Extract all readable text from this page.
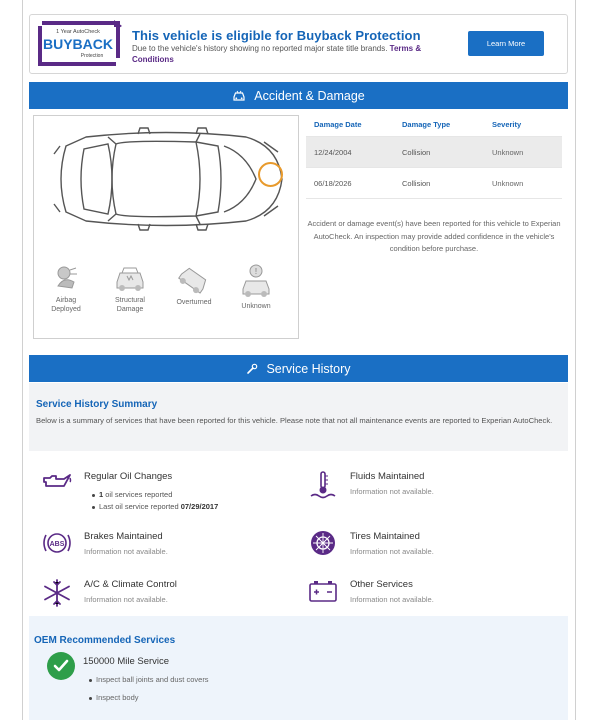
1 Year AutoCheck
BUYBACK
Protection
This vehicle is eligible for Buyback Protection
Due to the vehicle's history showing no reported major state title brands. Terms & Conditions
Learn More
Accident & Damage
Airbag
Deployed
Structural
Damage
Overturned
!
Unknown
Damage Date	Damage Type	Severity
12/24/2004	Collision	Unknown
06/18/2026	Collision	Unknown
Accident or damage event(s) have been reported for this vehicle to Experian AutoCheck. An inspection may provide added confidence in the vehicle's condition before purchase.
Service History
Service History Summary
Below is a summary of services that have been reported for this vehicle. Please note that not all maintenance events are reported to Experian AutoCheck.
Regular Oil Changes
1 oil services reported
Last oil service reported 07/29/2017
Fluids Maintained
Information not available.
ABS
Brakes Maintained
Information not available.
Tires Maintained
Information not available.
A/C & Climate Control
Information not available.
Other Services
Information not available.
OEM Recommended Services
150000 Mile Service
Inspect ball joints and dust covers
Inspect body
